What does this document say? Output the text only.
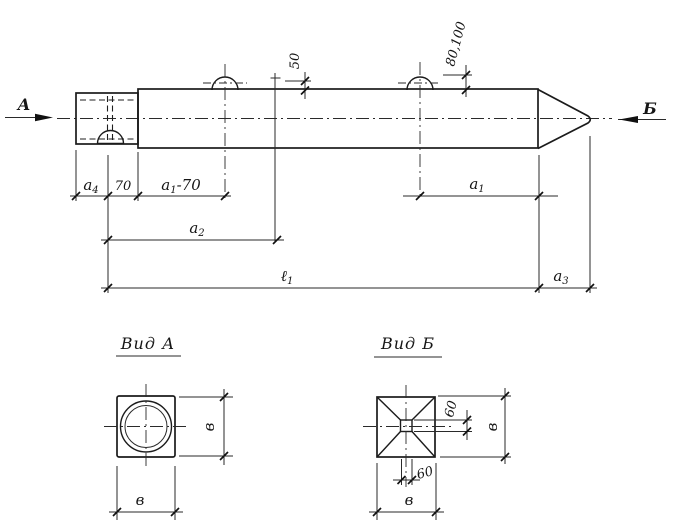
А	Б
50	80,100
$a_4$ 70 $a_1-70$	$a_1$
$a_2$
ℓ$_1$	$a_3$
Вид А
в
в
Вид Б
60
в
60
в
